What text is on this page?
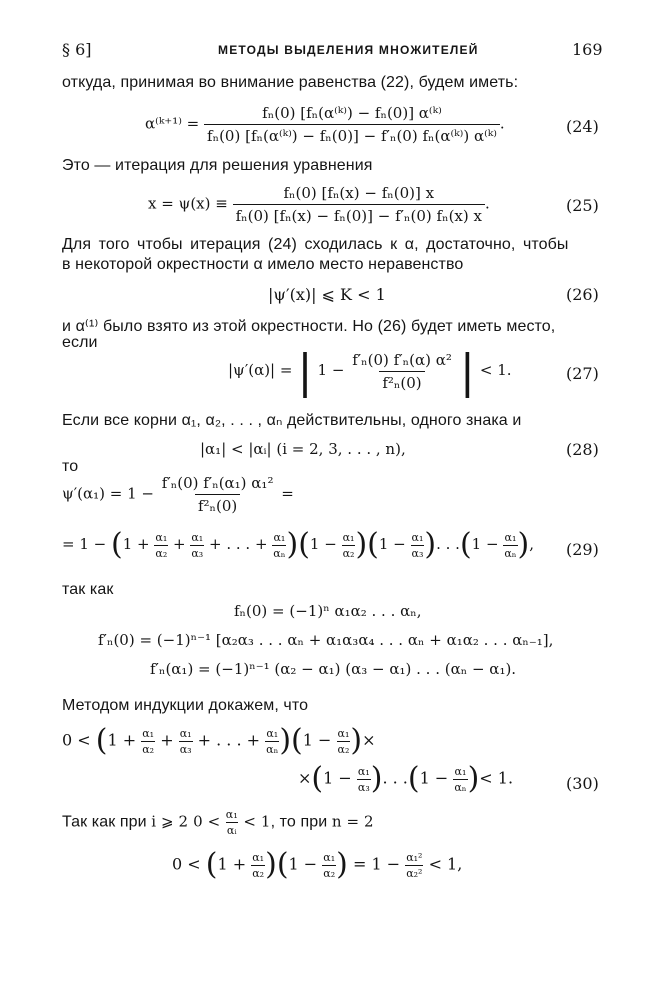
§ 6]	МЕТОДЫ ВЫДЕЛЕНИЯ МНОЖИТЕЛЕЙ	169
откуда, принимая во внимание равенства (22), будем иметь:
α⁽ᵏ⁺¹⁾ = $\frac{\text{fₙ(0) [fₙ(α⁽ᵏ⁾) − fₙ(0)] α⁽ᵏ⁾}}{\text{fₙ(0) [fₙ(α⁽ᵏ⁾) − fₙ(0)] − f′ₙ(0) fₙ(α⁽ᵏ⁾) α⁽ᵏ⁾}}$ .	(24)
Это — итерация для решения уравнения
$x = \psi(x) \equiv \frac{\text{fₙ(0) [fₙ(x) − fₙ(0)] x}}{\text{fₙ(0) [fₙ(x) − fₙ(0)] − f′ₙ(0) fₙ(x) x}}$ .	(25)
Для того чтобы итерация (24) сходилась к α, достаточно, чтобы
в некоторой окрестности α имело место неравенство
|ψ′(x)| ⩽ K < 1	(26)
и α⁽¹⁾ было взято из этой окрестности. Но (26) будет иметь место,
если
|ψ′(α)| = | $1 - \frac{\text{f′ₙ(0) f′ₙ(α) α²}}{\text{f²ₙ(0)}}$ | < 1.	(27)
Если все корни α₁, α₂, . . . , αₙ действительны, одного знака и
|α₁| < |αᵢ| (i = 2, 3, . . . , n),	(28)
то
$\psi'(\alpha_1) = 1 - \frac{\text{f′ₙ(0) f′ₙ(α₁) α₁²}}{\text{f²ₙ(0)}}$ =
= $1 - (1 + \frac{\text{α₁}}{\text{α₂}} + \frac{\text{α₁}}{\text{α₃}}$ + . . . + $\frac{\text{α₁}}{\text{αₙ}} )(1 - \frac{\text{α₁}}{\text{α₂}} )(1 - \frac{\text{α₁}}{\text{α₃}}$ ). . $.(1 - \frac{\text{α₁}}{\text{αₙ}}$ ), (29)
так как
fₙ(0) = (−1)ⁿ α₁α₂ . . . αₙ,
f′ₙ(0) = (−1)ⁿ⁻¹ [α₂α₃ . . . αₙ + α₁α₃α₄ . . . αₙ + α₁α₂ . . . αₙ₋₁],
f′ₙ(α₁) = (−1)ⁿ⁻¹ (α₂ − α₁) (α₃ − α₁) . . . (αₙ − α₁).
Методом индукции докажем, что
$0 < (1 + \frac{\text{α₁}}{\text{α₂}} + \frac{\text{α₁}}{\text{α₃}}$ + . . . + $\frac{\text{α₁}}{\text{αₙ}} )(1 - \frac{\text{α₁}}{\text{α₂}}$ )×
$\times(1 - \frac{\text{α₁}}{\text{α₃}}$ ). . $.(1 - \frac{\text{α₁}}{\text{αₙ}}$ )< 1.	(30)
Так как при i ⩾ 2 $0 < \frac{\text{α₁}}{\text{αᵢ}} < 1$, то при n = 2
$0 < (1 + \frac{\text{α₁}}{\text{α₂}} )(1 - \frac{\text{α₁}}{\text{α₂}}$ ) = $1 - \frac{\text{α₁²}}{\text{α₂²}} < 1$,
